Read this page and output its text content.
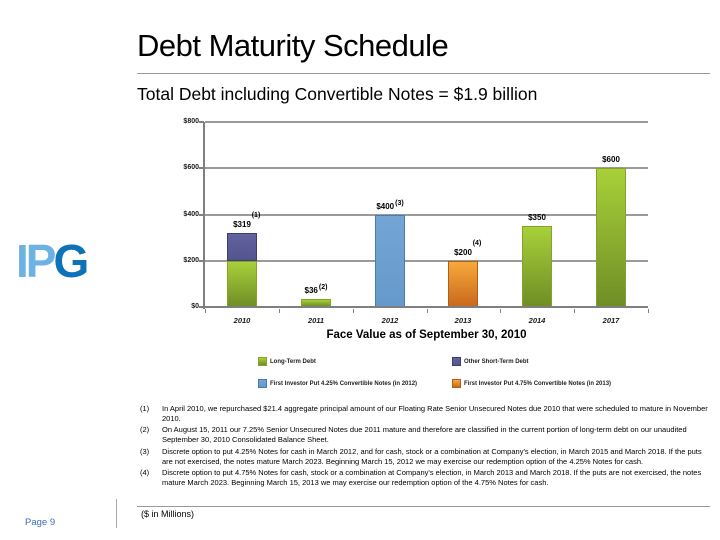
Debt Maturity Schedule
Total Debt including Convertible Notes = $1.9 billion
IPG
$800
$600
$400
$200
$0
(1)
$319
2010
$36(2)
2011
$400(3)
2012
(4)
$200
2013
$350
2014
$600
2017
Face Value as of September 30, 2010
Long-Term Debt	Other Short-Term Debt
First Investor Put 4.25% Convertible Notes (in 2012)	First Investor Put 4.75% Convertible Notes (in 2013)
(1)	In April 2010, we repurchased $21.4 aggregate principal amount of our Floating Rate Senior Unsecured Notes due 2010 that were scheduled to mature in November 2010.
(2)	On August 15, 2011 our 7.25% Senior Unsecured Notes due 2011 mature and therefore are classified in the current portion of long-term debt on our unaudited September 30, 2010 Consolidated Balance Sheet.
(3)	Discrete option to put 4.25% Notes for cash in March 2012, and for cash, stock or a combination at Company's election, in March 2015 and March 2018. If the puts are not exercised, the notes mature March 2023. Beginning March 15, 2012 we may exercise our redemption option of the 4.25% Notes for cash.
(4)	Discrete option to put 4.75% Notes for cash, stock or a combination at Company's election, in March 2013 and March 2018. If the puts are not exercised, the notes mature March 2023. Beginning March 15, 2013 we may exercise our redemption option of the 4.75% Notes for cash.
($ in Millions)
Page 9
